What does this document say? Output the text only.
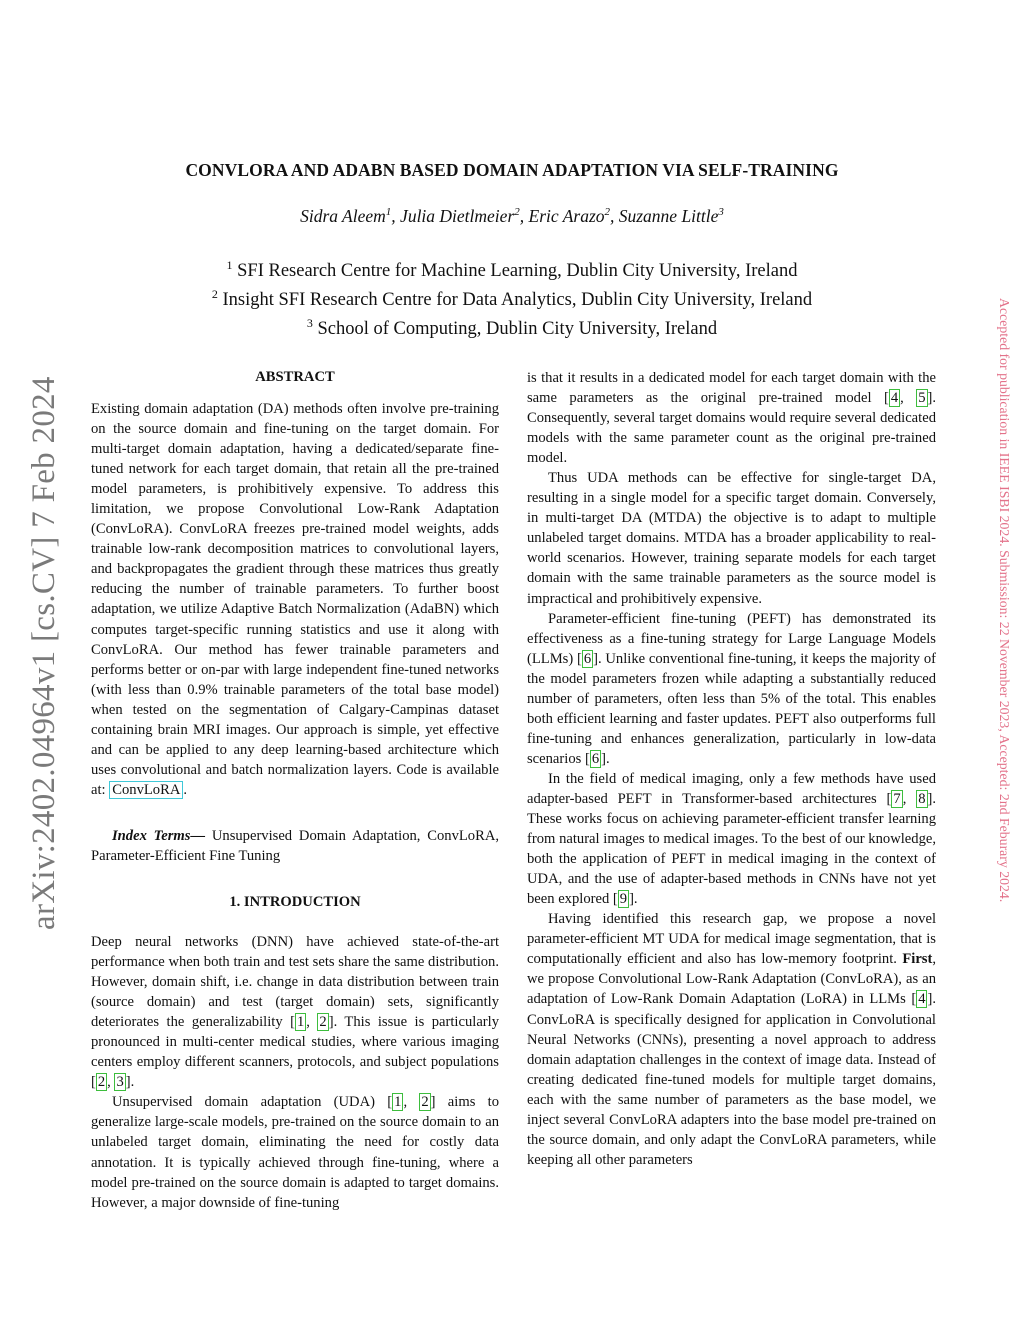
CONVLORA AND ADABN BASED DOMAIN ADAPTATION VIA SELF-TRAINING
Sidra Aleem$^1$, Julia Dietlmeier$^2$, Eric Arazo$^2$, Suzanne Little$^3$
$^1$ SFI Research Centre for Machine Learning, Dublin City University, Ireland
$^2$ Insight SFI Research Centre for Data Analytics, Dublin City University, Ireland
$^3$ School of Computing, Dublin City University, Ireland
arXiv:2402.04964v1 [cs.CV] 7 Feb 2024	Accepted for publication in IEEE ISBI 2024. Submission: 22 November 2023, Accepted: 2nd Feburary 2024.
ABSTRACT

Existing domain adaptation (DA) methods often involve pre-training on the source domain and fine-tuning on the target domain. For multi-target domain adaptation, having a dedicated/separate fine-tuned network for each target domain, that retain all the pre-trained model parameters, is prohibitively expensive. To address this limitation, we propose Convolutional Low-Rank Adaptation (ConvLoRA). ConvLoRA freezes pre-trained model weights, adds trainable low-rank decomposition matrices to convolutional layers, and backpropagates the gradient through these matrices thus greatly reducing the number of trainable parameters. To further boost adaptation, we utilize Adaptive Batch Normalization (AdaBN) which computes target-specific running statistics and use it along with ConvLoRA. Our method has fewer trainable parameters and performs better or on-par with large independent fine-tuned networks (with less than 0.9% trainable parameters of the total base model) when tested on the segmentation of Calgary-Campinas dataset containing brain MRI images. Our approach is simple, yet effective and can be applied to any deep learning-based architecture which uses convolutional and batch normalization layers. Code is available at: ConvLoRA .

Index Terms— Unsupervised Domain Adaptation, ConvLoRA, Parameter-Efficient Fine Tuning

1. INTRODUCTION

Deep neural networks (DNN) have achieved state-of-the-art performance when both train and test sets share the same distribution. However, domain shift, i.e. change in data distribution between train (source domain) and test (target domain) sets, significantly deteriorates the generalizability [ 1 , 2 ]. This issue is particularly pronounced in multi-center medical studies, where various imaging centers employ different scanners, protocols, and subject populations [ 2 , 3 ].

Unsupervised domain adaptation (UDA) [ 1 , 2 ] aims to generalize large-scale models, pre-trained on the source domain to an unlabeled target domain, eliminating the need for costly data annotation. It is typically achieved through fine-tuning, where a model pre-trained on the source domain is adapted to target domains. However, a major downside of fine-tuning

is that it results in a dedicated model for each target domain with the same parameters as the original pre-trained model [ 4 , 5 ]. Consequently, several target domains would require several dedicated models with the same parameter count as the original pre-trained model.

Thus UDA methods can be effective for single-target DA, resulting in a single model for a specific target domain. Conversely, in multi-target DA (MTDA) the objective is to adapt to multiple unlabeled target domains. MTDA has a broader applicability to real-world scenarios. However, training separate models for each target domain with the same trainable parameters as the source model is impractical and prohibitively expensive.

Parameter-efficient fine-tuning (PEFT) has demonstrated its effectiveness as a fine-tuning strategy for Large Language Models (LLMs) [ 6 ]. Unlike conventional fine-tuning, it keeps the majority of the model parameters frozen while adapting a substantially reduced number of parameters, often less than 5% of the total. This enables both efficient learning and faster updates. PEFT also outperforms full fine-tuning and enhances generalization, particularly in low-data scenarios [ 6 ].

In the field of medical imaging, only a few methods have used adapter-based PEFT in Transformer-based architectures [ 7 , 8 ]. These works focus on achieving parameter-efficient transfer learning from natural images to medical images. To the best of our knowledge, both the application of PEFT in medical imaging in the context of UDA, and the use of adapter-based methods in CNNs have not yet been explored [ 9 ].

Having identified this research gap, we propose a novel parameter-efficient MT UDA for medical image segmentation, that is computationally efficient and also has low-memory footprint. First, we propose Convolutional Low-Rank Adaptation (ConvLoRA), as an adaptation of Low-Rank Domain Adaptation (LoRA) in LLMs [ 4 ]. ConvLoRA is specifically designed for application in Convolutional Neural Networks (CNNs), presenting a novel approach to address domain adaptation challenges in the context of image data. Instead of creating dedicated fine-tuned models for multiple target domains, each with the same number of parameters as the base model, we inject several ConvLoRA adapters into the base model pre-trained on the source domain, and only adapt the ConvLoRA parameters, while keeping all other parameters
